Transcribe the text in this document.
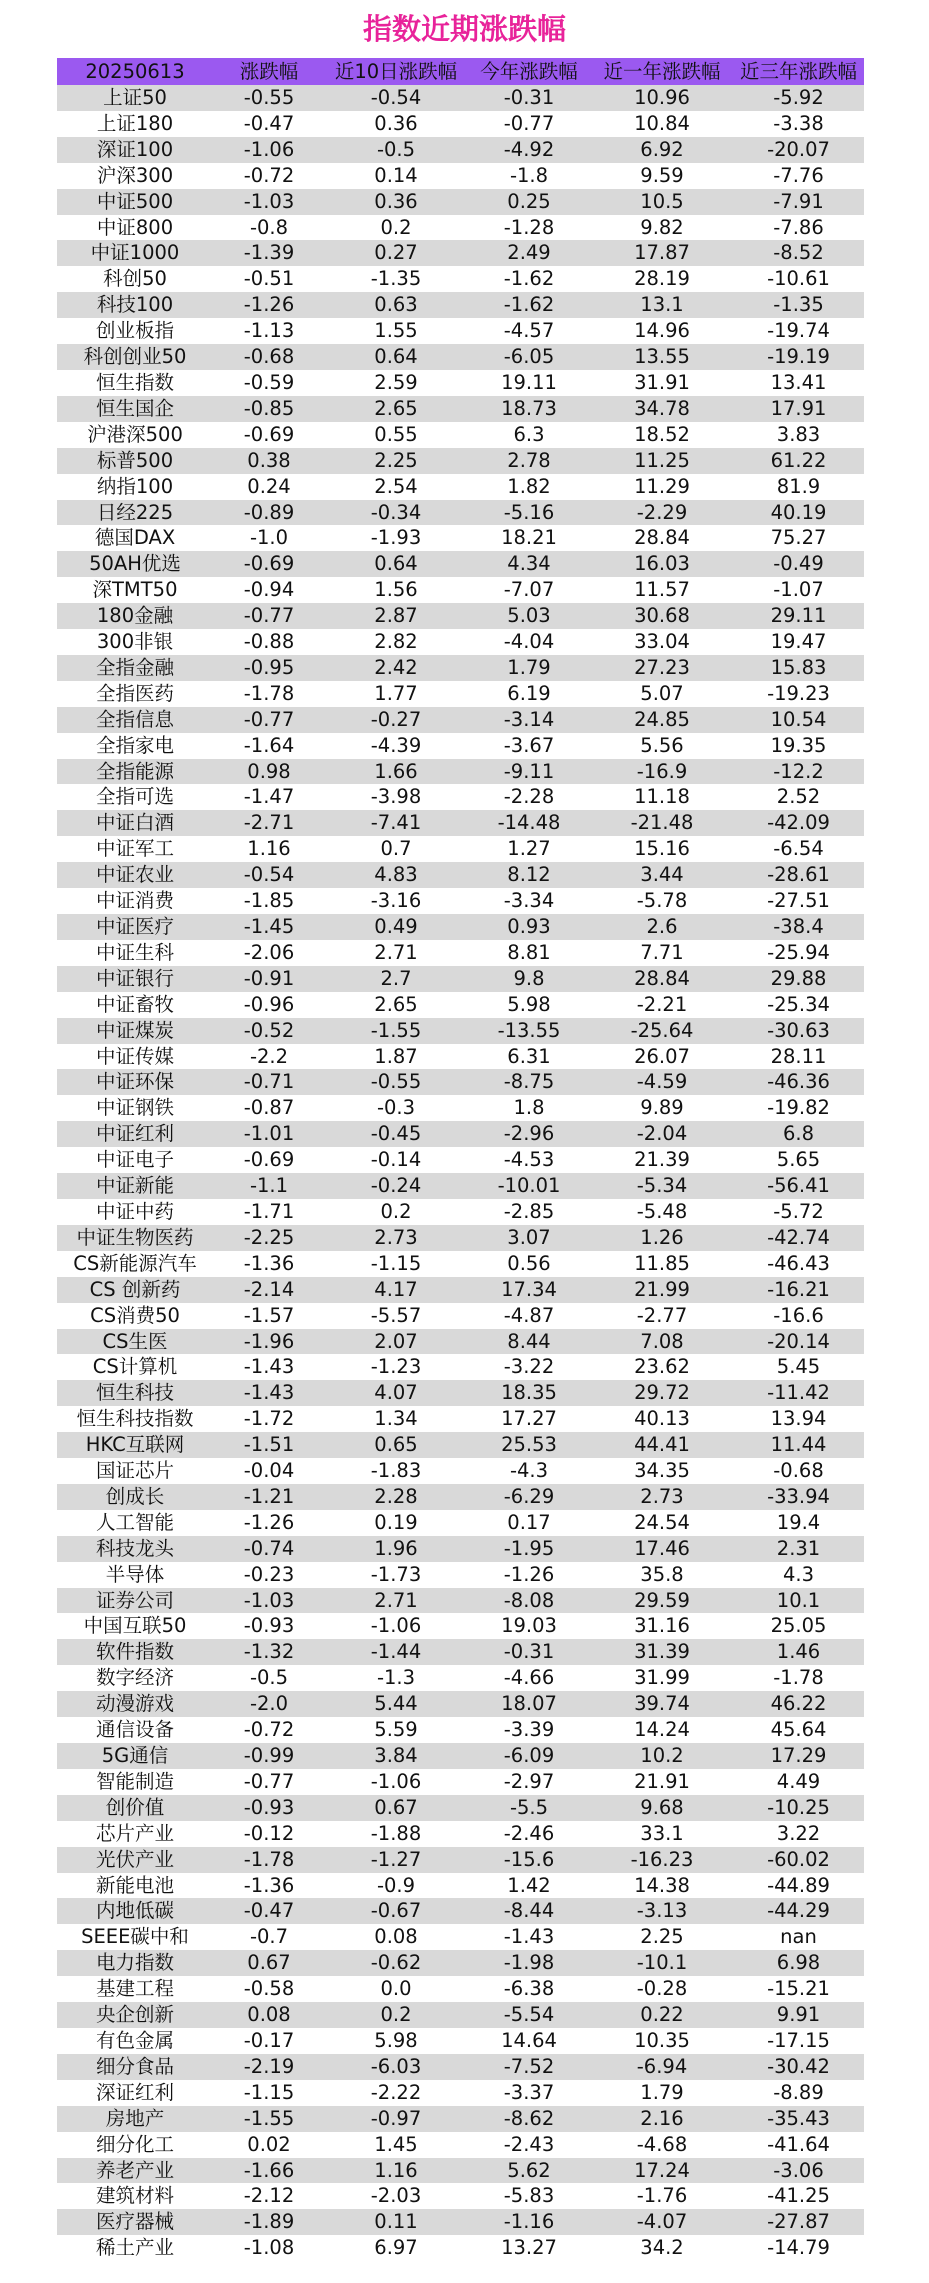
指数近期涨跌幅
20250613	涨跌幅	近10日涨跌幅	今年涨跌幅	近一年涨跌幅	近三年涨跌幅
上证50	-0.55	-0.54	-0.31	10.96	-5.92
上证180	-0.47	0.36	-0.77	10.84	-3.38
深证100	-1.06	-0.5	-4.92	6.92	-20.07
沪深300	-0.72	0.14	-1.8	9.59	-7.76
中证500	-1.03	0.36	0.25	10.5	-7.91
中证800	-0.8	0.2	-1.28	9.82	-7.86
中证1000	-1.39	0.27	2.49	17.87	-8.52
科创50	-0.51	-1.35	-1.62	28.19	-10.61
科技100	-1.26	0.63	-1.62	13.1	-1.35
创业板指	-1.13	1.55	-4.57	14.96	-19.74
科创创业50	-0.68	0.64	-6.05	13.55	-19.19
恒生指数	-0.59	2.59	19.11	31.91	13.41
恒生国企	-0.85	2.65	18.73	34.78	17.91
沪港深500	-0.69	0.55	6.3	18.52	3.83
标普500	0.38	2.25	2.78	11.25	61.22
纳指100	0.24	2.54	1.82	11.29	81.9
日经225	-0.89	-0.34	-5.16	-2.29	40.19
德国DAX	-1.0	-1.93	18.21	28.84	75.27
50AH优选	-0.69	0.64	4.34	16.03	-0.49
深TMT50	-0.94	1.56	-7.07	11.57	-1.07
180金融	-0.77	2.87	5.03	30.68	29.11
300非银	-0.88	2.82	-4.04	33.04	19.47
全指金融	-0.95	2.42	1.79	27.23	15.83
全指医药	-1.78	1.77	6.19	5.07	-19.23
全指信息	-0.77	-0.27	-3.14	24.85	10.54
全指家电	-1.64	-4.39	-3.67	5.56	19.35
全指能源	0.98	1.66	-9.11	-16.9	-12.2
全指可选	-1.47	-3.98	-2.28	11.18	2.52
中证白酒	-2.71	-7.41	-14.48	-21.48	-42.09
中证军工	1.16	0.7	1.27	15.16	-6.54
中证农业	-0.54	4.83	8.12	3.44	-28.61
中证消费	-1.85	-3.16	-3.34	-5.78	-27.51
中证医疗	-1.45	0.49	0.93	2.6	-38.4
中证生科	-2.06	2.71	8.81	7.71	-25.94
中证银行	-0.91	2.7	9.8	28.84	29.88
中证畜牧	-0.96	2.65	5.98	-2.21	-25.34
中证煤炭	-0.52	-1.55	-13.55	-25.64	-30.63
中证传媒	-2.2	1.87	6.31	26.07	28.11
中证环保	-0.71	-0.55	-8.75	-4.59	-46.36
中证钢铁	-0.87	-0.3	1.8	9.89	-19.82
中证红利	-1.01	-0.45	-2.96	-2.04	6.8
中证电子	-0.69	-0.14	-4.53	21.39	5.65
中证新能	-1.1	-0.24	-10.01	-5.34	-56.41
中证中药	-1.71	0.2	-2.85	-5.48	-5.72
中证生物医药	-2.25	2.73	3.07	1.26	-42.74
CS新能源汽车	-1.36	-1.15	0.56	11.85	-46.43
CS 创新药	-2.14	4.17	17.34	21.99	-16.21
CS消费50	-1.57	-5.57	-4.87	-2.77	-16.6
CS生医	-1.96	2.07	8.44	7.08	-20.14
CS计算机	-1.43	-1.23	-3.22	23.62	5.45
恒生科技	-1.43	4.07	18.35	29.72	-11.42
恒生科技指数	-1.72	1.34	17.27	40.13	13.94
HKC互联网	-1.51	0.65	25.53	44.41	11.44
国证芯片	-0.04	-1.83	-4.3	34.35	-0.68
创成长	-1.21	2.28	-6.29	2.73	-33.94
人工智能	-1.26	0.19	0.17	24.54	19.4
科技龙头	-0.74	1.96	-1.95	17.46	2.31
半导体	-0.23	-1.73	-1.26	35.8	4.3
证券公司	-1.03	2.71	-8.08	29.59	10.1
中国互联50	-0.93	-1.06	19.03	31.16	25.05
软件指数	-1.32	-1.44	-0.31	31.39	1.46
数字经济	-0.5	-1.3	-4.66	31.99	-1.78
动漫游戏	-2.0	5.44	18.07	39.74	46.22
通信设备	-0.72	5.59	-3.39	14.24	45.64
5G通信	-0.99	3.84	-6.09	10.2	17.29
智能制造	-0.77	-1.06	-2.97	21.91	4.49
创价值	-0.93	0.67	-5.5	9.68	-10.25
芯片产业	-0.12	-1.88	-2.46	33.1	3.22
光伏产业	-1.78	-1.27	-15.6	-16.23	-60.02
新能电池	-1.36	-0.9	1.42	14.38	-44.89
内地低碳	-0.47	-0.67	-8.44	-3.13	-44.29
SEEE碳中和	-0.7	0.08	-1.43	2.25	nan
电力指数	0.67	-0.62	-1.98	-10.1	6.98
基建工程	-0.58	0.0	-6.38	-0.28	-15.21
央企创新	0.08	0.2	-5.54	0.22	9.91
有色金属	-0.17	5.98	14.64	10.35	-17.15
细分食品	-2.19	-6.03	-7.52	-6.94	-30.42
深证红利	-1.15	-2.22	-3.37	1.79	-8.89
房地产	-1.55	-0.97	-8.62	2.16	-35.43
细分化工	0.02	1.45	-2.43	-4.68	-41.64
养老产业	-1.66	1.16	5.62	17.24	-3.06
建筑材料	-2.12	-2.03	-5.83	-1.76	-41.25
医疗器械	-1.89	0.11	-1.16	-4.07	-27.87
稀土产业	-1.08	6.97	13.27	34.2	-14.79
